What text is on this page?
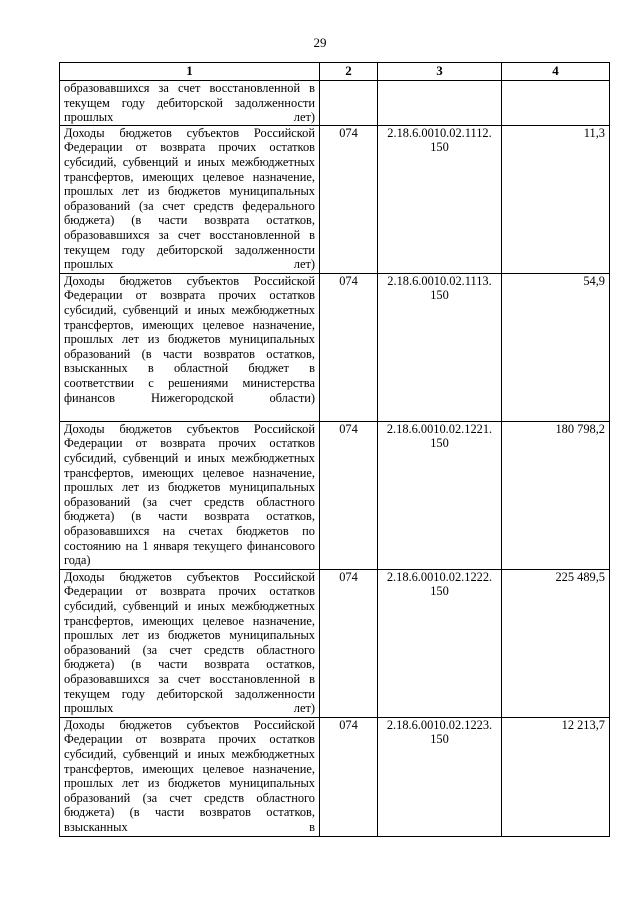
29
1	2	3	4
образовавшихся за счет восстановленной в текущем году дебиторской задолженности прошлых лет)			
Доходы бюджетов субъектов Российской Федерации от возврата прочих остатков субсидий, субвенций и иных межбюджетных трансфертов, имеющих целевое назначение, прошлых лет из бюджетов муниципальных образований (за счет средств федерального бюджета) (в части возврата остатков, образовавшихся за счет восстановленной в текущем году дебиторской задолженности прошлых лет)	074	2.18.6.0010.02.1112. 150	11,3
Доходы бюджетов субъектов Российской Федерации от возврата прочих остатков субсидий, субвенций и иных межбюджетных трансфертов, имеющих целевое назначение, прошлых лет из бюджетов муниципальных образований (в части возвратов остатков, взысканных в областной бюджет в соответствии с решениями министерства финансов Нижегородской области)	074	2.18.6.0010.02.1113. 150	54,9
Доходы бюджетов субъектов Российской Федерации от возврата прочих остатков субсидий, субвенций и иных межбюджетных трансфертов, имеющих целевое назначение, прошлых лет из бюджетов муниципальных образований (за счет средств областного бюджета) (в части возврата остатков, образовавшихся на счетах бюджетов по состоянию на 1 января текущего финансового года)	074	2.18.6.0010.02.1221. 150	180 798,2
Доходы бюджетов субъектов Российской Федерации от возврата прочих остатков субсидий, субвенций и иных межбюджетных трансфертов, имеющих целевое назначение, прошлых лет из бюджетов муниципальных образований (за счет средств областного бюджета) (в части возврата остатков, образовавшихся за счет восстановленной в текущем году дебиторской задолженности прошлых лет)	074	2.18.6.0010.02.1222. 150	225 489,5
Доходы бюджетов субъектов Российской Федерации от возврата прочих остатков субсидий, субвенций и иных межбюджетных трансфертов, имеющих целевое назначение, прошлых лет из бюджетов муниципальных образований (за счет средств областного бюджета) (в части возвратов остатков, взысканных в	074	2.18.6.0010.02.1223. 150	12 213,7
